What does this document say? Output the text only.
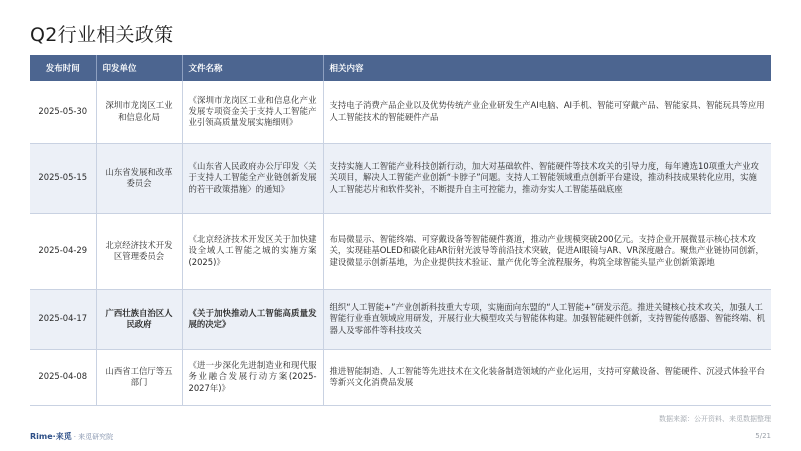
Q2行业相关政策
发布时间	印发单位	文件名称	相关内容
2025-05-30	深圳市龙岗区工业和信息化局	《深圳市龙岗区工业和信息化产业发展专项资金关于支持人工智能产业引领高质量发展实施细则》	支持电子消费产品企业以及优势传统产业企业研发生产AI电脑、AI手机、智能可穿戴产品、智能家具、智能玩具等应用人工智能技术的智能硬件产品
2025-05-15	山东省发展和改革委员会	《山东省人民政府办公厅印发〈关于支持人工智能全产业链创新发展的若干政策措施〉的通知》	支持实施人工智能产业科技创新行动，加大对基础软件、智能硬件等技术攻关的引导力度，每年遴选10项重大产业攻关项目，解决人工智能产业创新“卡脖子”问题。支持人工智能领域重点创新平台建设，推动科技成果转化应用，实施人工智能芯片和软件奖补，不断提升自主可控能力，推动夯实人工智能基础底座
2025-04-29	北京经济技术开发区管理委员会	《北京经济技术开发区关于加快建设全域人工智能之城的实施方案(2025)》	布局微显示、智能终端、可穿戴设备等智能硬件赛道，推动产业规模突破200亿元。支持企业开展微显示核心技术攻关，实现硅基OLED和碳化硅AR衍射光波导等前沿技术突破，促进AI眼镜与AR、VR深度融合。聚焦产业链协同创新，建设微显示创新基地，为企业提供技术验证、量产优化等全流程服务，构筑全球智能头显产业创新策源地
2025-04-17	广西壮族自治区人民政府	《关于加快推动人工智能高质量发展的决定》	组织“人工智能+”产业创新科技重大专项，实施面向东盟的“人工智能+”研发示范。推进关键核心技术攻关，加强人工智能行业垂直领域应用研发，开展行业大模型攻关与智能体构建。加强智能硬件创新，支持智能传感器、智能终端、机器人及零部件等科技攻关
2025-04-08	山西省工信厅等五部门	《进一步深化先进制造业和现代服务业融合发展行动方案(2025-2027年)》	推进智能制造、人工智能等先进技术在文化装备制造领域的产业化运用，支持可穿戴设备、智能硬件、沉浸式体验平台等新兴文化消费品发展
数据来源：公开资料、来觅数据整理
Rime·来觅 · 来觅研究院	5/21
